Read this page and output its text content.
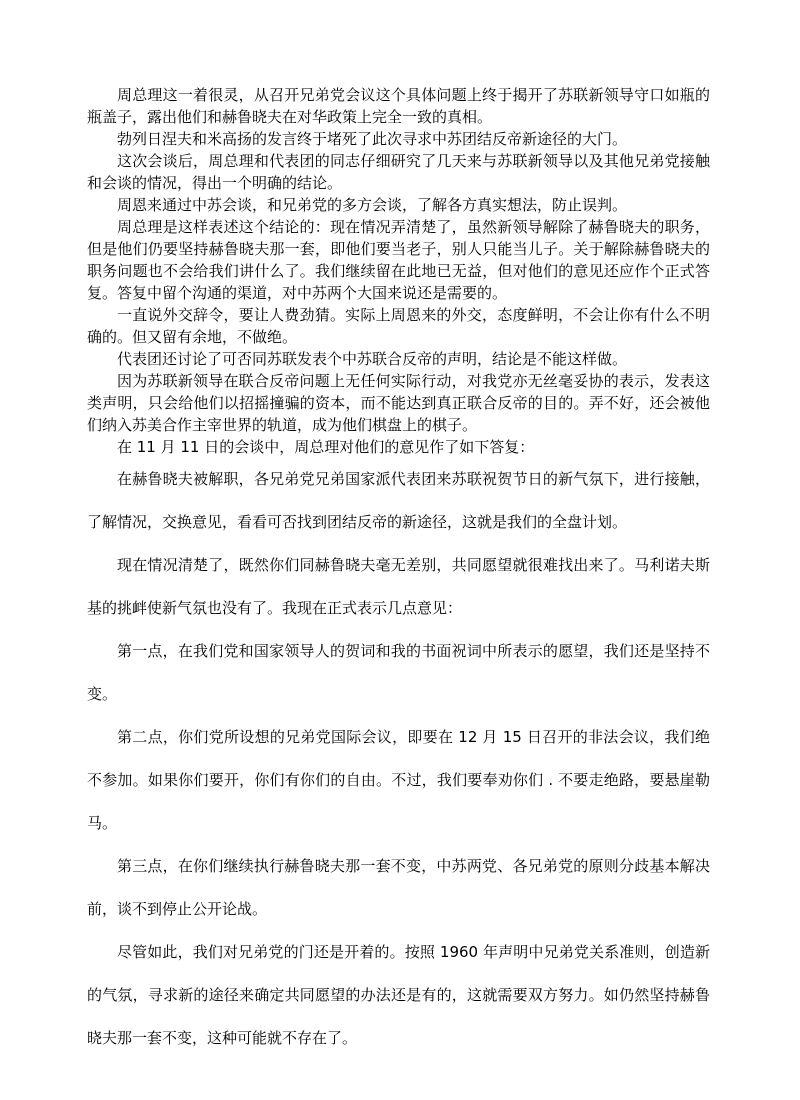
周总理这一着很灵，从召开兄弟党会议这个具体问题上终于揭开了苏联新领导守口如瓶的瓶盖子，露出他们和赫鲁晓夫在对华政策上完全一致的真相。

勃列日涅夫和米高扬的发言终于堵死了此次寻求中苏团结反帝新途径的大门。

这次会谈后，周总理和代表团的同志仔细研究了几天来与苏联新领导以及其他兄弟党接触和会谈的情况，得出一个明确的结论。

周恩来通过中苏会谈，和兄弟党的多方会谈，了解各方真实想法，防止误判。

周总理是这样表述这个结论的：现在情况弄清楚了，虽然新领导解除了赫鲁晓夫的职务，但是他们仍要坚持赫鲁晓夫那一套，即他们要当老子，别人只能当儿子。关于解除赫鲁晓夫的职务问题也不会给我们讲什么了。我们继续留在此地已无益，但对他们的意见还应作个正式答复。答复中留个沟通的渠道，对中苏两个大国来说还是需要的。

一直说外交辞令，要让人费劲猜。实际上周恩来的外交，态度鲜明，不会让你有什么不明确的。但又留有余地，不做绝。

代表团还讨论了可否同苏联发表个中苏联合反帝的声明，结论是不能这样做。

因为苏联新领导在联合反帝问题上无任何实际行动，对我党亦无丝毫妥协的表示，发表这类声明，只会给他们以招摇撞骗的资本，而不能达到真正联合反帝的目的。弄不好，还会被他们纳入苏美合作主宰世界的轨道，成为他们棋盘上的棋子。

在 11 月 11 日的会谈中，周总理对他们的意见作了如下答复：

在赫鲁晓夫被解职，各兄弟党兄弟国家派代表团来苏联祝贺节日的新气氛下，进行接触，了解情况，交换意见，看看可否找到团结反帝的新途径，这就是我们的全盘计划。

现在情况清楚了，既然你们同赫鲁晓夫毫无差别，共同愿望就很难找出来了。马利诺夫斯基的挑衅使新气氛也没有了。我现在正式表示几点意见：

第一点，在我们党和国家领导人的贺词和我的书面祝词中所表示的愿望，我们还是坚持不变。

第二点，你们党所设想的兄弟党国际会议，即要在 12 月 15 日召开的非法会议，我们绝不参加。如果你们要开，你们有你们的自由。不过，我们要奉劝你们 . 不要走绝路，要悬崖勒马。

第三点，在你们继续执行赫鲁晓夫那一套不变，中苏两党、各兄弟党的原则分歧基本解决前，谈不到停止公开论战。

尽管如此，我们对兄弟党的门还是开着的。按照 1960 年声明中兄弟党关系准则，创造新的气氛，寻求新的途径来确定共同愿望的办法还是有的，这就需要双方努力。如仍然坚持赫鲁晓夫那一套不变，这种可能就不存在了。
